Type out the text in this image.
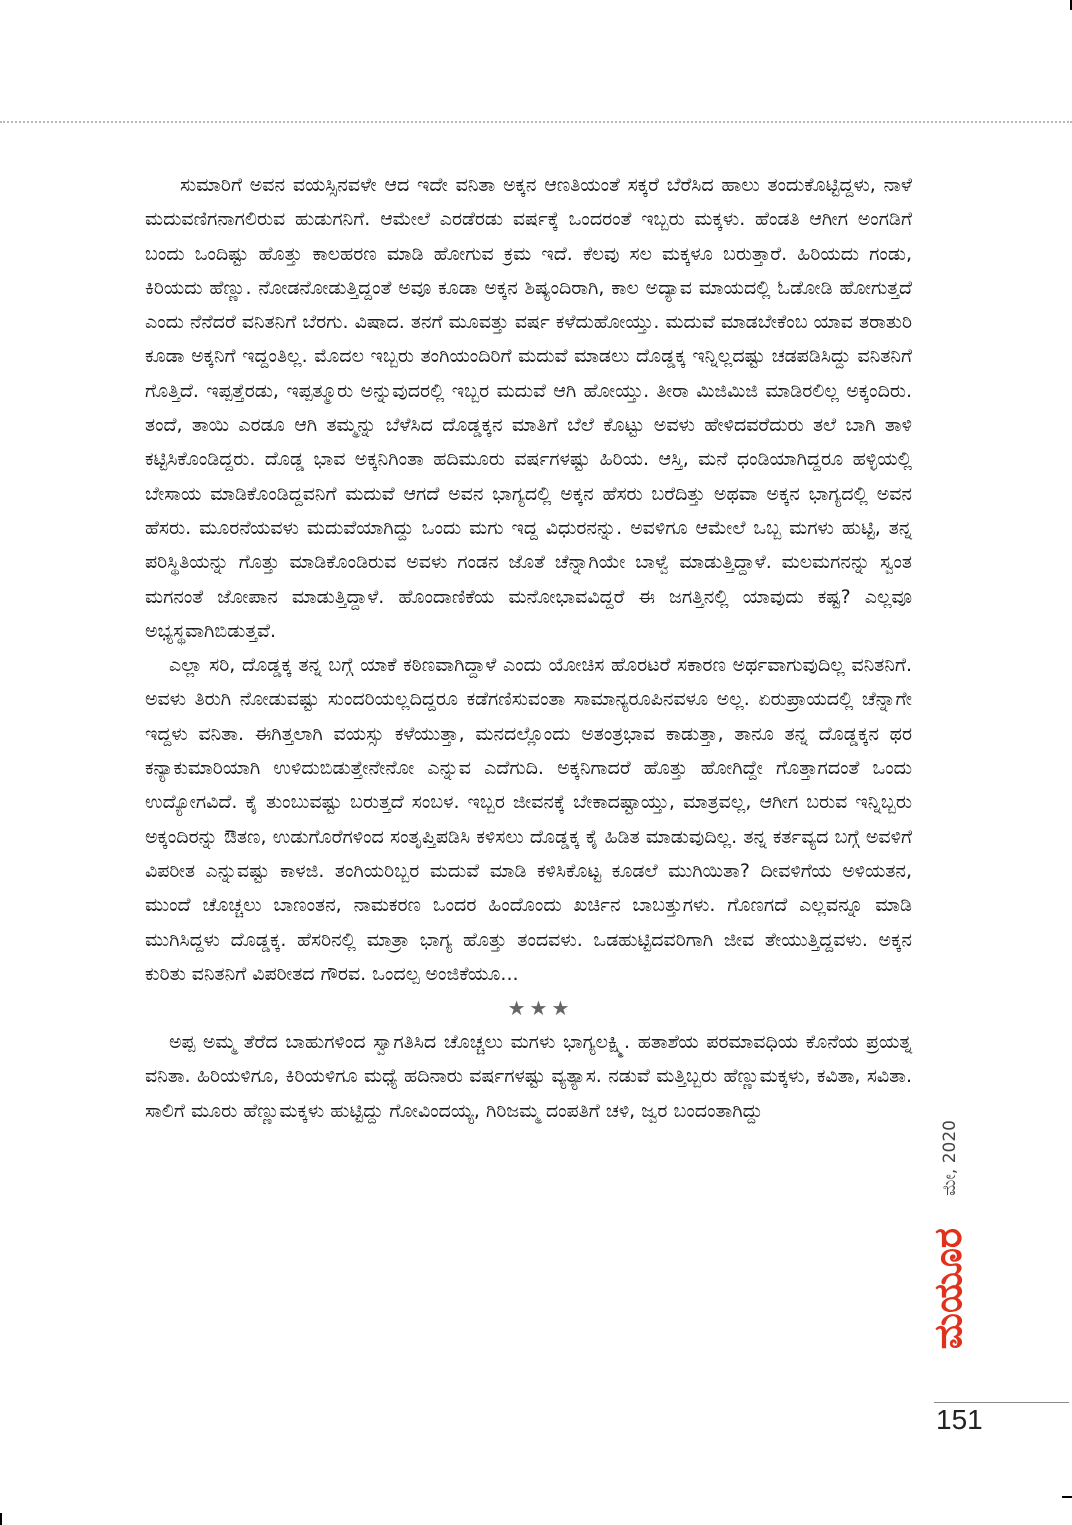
ಸುಮಾರಿಗೆ ಅವನ ವಯಸ್ಸಿನವಳೇ ಆದ ಇದೇ ವನಿತಾ ಅಕ್ಕನ ಆಣತಿಯಂತೆ ಸಕ್ಕರೆ ಬೆರೆಸಿದ ಹಾಲು ತಂದುಕೊಟ್ಟಿದ್ದಳು, ನಾಳೆ ಮದುವಣಿಗನಾಗಲಿರುವ ಹುಡುಗನಿಗೆ. ಆಮೇಲೆ ಎರಡೆರಡು ವರ್ಷಕ್ಕೆ ಒಂದರಂತೆ ಇಬ್ಬರು ಮಕ್ಕಳು. ಹೆಂಡತಿ ಆಗೀಗ ಅಂಗಡಿಗೆ ಬಂದು ಒಂದಿಷ್ಟು ಹೊತ್ತು ಕಾಲಹರಣ ಮಾಡಿ ಹೋಗುವ ಕ್ರಮ ಇದೆ. ಕೆಲವು ಸಲ ಮಕ್ಕಳೂ ಬರುತ್ತಾರೆ. ಹಿರಿಯದು ಗಂಡು, ಕಿರಿಯದು ಹೆಣ್ಣು. ನೋಡನೋಡುತ್ತಿದ್ದಂತೆ ಅವೂ ಕೂಡಾ ಅಕ್ಕನ ಶಿಷ್ಯಂದಿರಾಗಿ, ಕಾಲ ಅದ್ಯಾವ ಮಾಯದಲ್ಲಿ ಓಡೋಡಿ ಹೋಗುತ್ತದೆ ಎಂದು ನೆನೆದರೆ ವನಿತನಿಗೆ ಬೆರಗು. ವಿಷಾದ. ತನಗೆ ಮೂವತ್ತು ವರ್ಷ ಕಳೆದುಹೋಯ್ತು. ಮದುವೆ ಮಾಡಬೇಕೆಂಬ ಯಾವ ತರಾತುರಿ ಕೂಡಾ ಅಕ್ಕನಿಗೆ ಇದ್ದಂತಿಲ್ಲ. ಮೊದಲ ಇಬ್ಬರು ತಂಗಿಯಂದಿರಿಗೆ ಮದುವೆ ಮಾಡಲು ದೊಡ್ಡಕ್ಕ ಇನ್ನಿಲ್ಲದಷ್ಟು ಚಡಪಡಿಸಿದ್ದು ವನಿತನಿಗೆ ಗೊತ್ತಿದೆ. ಇಪ್ಪತ್ತೆರಡು, ಇಪ್ಪತ್ಮೂರು ಅನ್ನುವುದರಲ್ಲಿ ಇಬ್ಬರ ಮದುವೆ ಆಗಿ ಹೋಯ್ತು. ತೀರಾ ಮಿಜಿಮಿಜಿ ಮಾಡಿರಲಿಲ್ಲ ಅಕ್ಕಂದಿರು. ತಂದೆ, ತಾಯಿ ಎರಡೂ ಆಗಿ ತಮ್ಮನ್ನು ಬೆಳೆಸಿದ ದೊಡ್ಡಕ್ಕನ ಮಾತಿಗೆ ಬೆಲೆ ಕೊಟ್ಟು ಅವಳು ಹೇಳಿದವರೆದುರು ತಲೆ ಬಾಗಿ ತಾಳಿ ಕಟ್ಟಿಸಿಕೊಂಡಿದ್ದರು. ದೊಡ್ಡ ಭಾವ ಅಕ್ಕನಿಗಿಂತಾ ಹದಿಮೂರು ವರ್ಷಗಳಷ್ಟು ಹಿರಿಯ. ಆಸ್ತಿ, ಮನೆ ಧಂಡಿಯಾಗಿದ್ದರೂ ಹಳ್ಳಿಯಲ್ಲಿ ಬೇಸಾಯ ಮಾಡಿಕೊಂಡಿದ್ದವನಿಗೆ ಮದುವೆ ಆಗದೆ ಅವನ ಭಾಗ್ಯದಲ್ಲಿ ಅಕ್ಕನ ಹೆಸರು ಬರೆದಿತ್ತು ಅಥವಾ ಅಕ್ಕನ ಭಾಗ್ಯದಲ್ಲಿ ಅವನ ಹೆಸರು. ಮೂರನೆಯವಳು ಮದುವೆಯಾಗಿದ್ದು ಒಂದು ಮಗು ಇದ್ದ ವಿಧುರನನ್ನು. ಅವಳಿಗೂ ಆಮೇಲೆ ಒಬ್ಬ ಮಗಳು ಹುಟ್ಟಿ, ತನ್ನ ಪರಿಸ್ಥಿತಿಯನ್ನು ಗೊತ್ತು ಮಾಡಿಕೊಂಡಿರುವ ಅವಳು ಗಂಡನ ಜೊತೆ ಚೆನ್ನಾಗಿಯೇ ಬಾಳ್ವೆ ಮಾಡುತ್ತಿದ್ದಾಳೆ. ಮಲಮಗನನ್ನು ಸ್ವಂತ ಮಗನಂತೆ ಜೋಪಾನ ಮಾಡುತ್ತಿದ್ದಾಳೆ. ಹೊಂದಾಣಿಕೆಯ ಮನೋಭಾವವಿದ್ದರೆ ಈ ಜಗತ್ತಿನಲ್ಲಿ ಯಾವುದು ಕಷ್ಟ? ಎಲ್ಲವೂ ಅಭ್ಯಸ್ಥವಾಗಿಬಿಡುತ್ತವೆ.

ಎಲ್ಲಾ ಸರಿ, ದೊಡ್ಡಕ್ಕ ತನ್ನ ಬಗ್ಗೆ ಯಾಕೆ ಕಠಿಣವಾಗಿದ್ದಾಳೆ ಎಂದು ಯೋಚಿಸ ಹೊರಟರೆ ಸಕಾರಣ ಅರ್ಥವಾಗುವುದಿಲ್ಲ ವನಿತನಿಗೆ. ಅವಳು ತಿರುಗಿ ನೋಡುವಷ್ಟು ಸುಂದರಿಯಲ್ಲದಿದ್ದರೂ ಕಡೆಗಣಿಸುವಂತಾ ಸಾಮಾನ್ಯರೂಪಿನವಳೂ ಅಲ್ಲ. ಏರುಪ್ರಾಯದಲ್ಲಿ ಚೆನ್ನಾಗೇ ಇದ್ದಳು ವನಿತಾ. ಈಗಿತ್ತಲಾಗಿ ವಯಸ್ಸು ಕಳೆಯುತ್ತಾ, ಮನದಲ್ಲೊಂದು ಅತಂತ್ರಭಾವ ಕಾಡುತ್ತಾ, ತಾನೂ ತನ್ನ ದೊಡ್ಡಕ್ಕನ ಥರ ಕನ್ಯಾಕುಮಾರಿಯಾಗಿ ಉಳಿದುಬಿಡುತ್ತೇನೇನೋ ಎನ್ನುವ ಎದೆಗುದಿ. ಅಕ್ಕನಿಗಾದರೆ ಹೊತ್ತು ಹೋಗಿದ್ದೇ ಗೊತ್ತಾಗದಂತೆ ಒಂದು ಉದ್ಯೋಗವಿದೆ. ಕೈ ತುಂಬುವಷ್ಟು ಬರುತ್ತದೆ ಸಂಬಳ. ಇಬ್ಬರ ಜೀವನಕ್ಕೆ ಬೇಕಾದಷ್ಟಾಯ್ತು, ಮಾತ್ರವಲ್ಲ, ಆಗೀಗ ಬರುವ ಇನ್ನಿಬ್ಬರು ಅಕ್ಕಂದಿರನ್ನು ಔತಣ, ಉಡುಗೊರೆಗಳಿಂದ ಸಂತೃಪ್ತಿಪಡಿಸಿ ಕಳಿಸಲು ದೊಡ್ಡಕ್ಕ ಕೈ ಹಿಡಿತ ಮಾಡುವುದಿಲ್ಲ. ತನ್ನ ಕರ್ತವ್ಯದ ಬಗ್ಗೆ ಅವಳಿಗೆ ವಿಪರೀತ ಎನ್ನುವಷ್ಟು ಕಾಳಜಿ. ತಂಗಿಯರಿಬ್ಬರ ಮದುವೆ ಮಾಡಿ ಕಳಿಸಿಕೊಟ್ಟ ಕೂಡಲೆ ಮುಗಿಯಿತಾ? ದೀವಳಿಗೆಯ ಅಳಿಯತನ, ಮುಂದೆ ಚೊಚ್ಚಲು ಬಾಣಂತನ, ನಾಮಕರಣ ಒಂದರ ಹಿಂದೊಂದು ಖರ್ಚಿನ ಬಾಬತ್ತುಗಳು. ಗೊಣಗದೆ ಎಲ್ಲವನ್ನೂ ಮಾಡಿ ಮುಗಿಸಿದ್ದಳು ದೊಡ್ಡಕ್ಕ. ಹೆಸರಿನಲ್ಲಿ ಮಾತ್ರಾ ಭಾಗ್ಯ ಹೊತ್ತು ತಂದವಳು. ಒಡಹುಟ್ಟಿದವರಿಗಾಗಿ ಜೀವ ತೇಯುತ್ತಿದ್ದವಳು. ಅಕ್ಕನ ಕುರಿತು ವನಿತನಿಗೆ ವಿಪರೀತದ ಗೌರವ. ಒಂದಲ್ಪ ಅಂಜಿಕೆಯೂ...

★★★

ಅಪ್ಪ ಅಮ್ಮ ತೆರೆದ ಬಾಹುಗಳಿಂದ ಸ್ವಾಗತಿಸಿದ ಚೊಚ್ಚಲು ಮಗಳು ಭಾಗ್ಯಲಕ್ಷ್ಮಿ. ಹತಾಶೆಯ ಪರಮಾವಧಿಯ ಕೊನೆಯ ಪ್ರಯತ್ನ ವನಿತಾ. ಹಿರಿಯಳಿಗೂ, ಕಿರಿಯಳಿಗೂ ಮಧ್ಯೆ ಹದಿನಾರು ವರ್ಷಗಳಷ್ಟು ವ್ಯತ್ಯಾಸ. ನಡುವೆ ಮತ್ತಿಬ್ಬರು ಹೆಣ್ಣುಮಕ್ಕಳು, ಕವಿತಾ, ಸವಿತಾ. ಸಾಲಿಗೆ ಮೂರು ಹೆಣ್ಣುಮಕ್ಕಳು ಹುಟ್ಟಿದ್ದು ಗೋವಿಂದಯ್ಯ, ಗಿರಿಜಮ್ಮ ದಂಪತಿಗೆ ಚಳಿ, ಜ್ವರ ಬಂದಂತಾಗಿದ್ದು

ಮೇ, 2020
ಮಯೂರ
151
